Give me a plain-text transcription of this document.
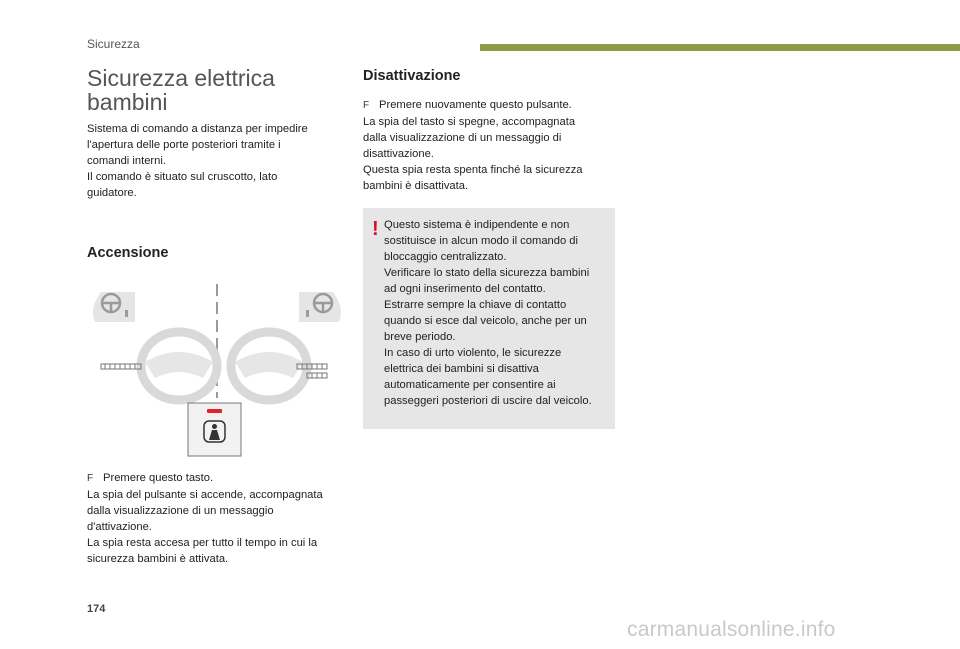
Sicurezza
Sicurezza elettrica
bambini
Sistema di comando a distanza per impedire
l'apertura delle porte posteriori tramite i
comandi interni.
Il comando è situato sul cruscotto, lato
guidatore.
Accensione
F Premere questo tasto.
La spia del pulsante si accende, accompagnata
dalla visualizzazione di un messaggio
d'attivazione.
La spia resta accesa per tutto il tempo in cui la
sicurezza bambini è attivata.
Disattivazione
F Premere nuovamente questo pulsante.
La spia del tasto si spegne, accompagnata
dalla visualizzazione di un messaggio di
disattivazione.
Questa spia resta spenta finché la sicurezza
bambini è disattivata.
! Questo sistema è indipendente e non
sostituisce in alcun modo il comando di
bloccaggio centralizzato.
Verificare lo stato della sicurezza bambini
ad ogni inserimento del contatto.
Estrarre sempre la chiave di contatto
quando si esce dal veicolo, anche per un
breve periodo.
In caso di urto violento, le sicurezze
elettrica dei bambini si disattiva
automaticamente per consentire ai
passeggeri posteriori di uscire dal veicolo.
174
carmanualsonline.info
